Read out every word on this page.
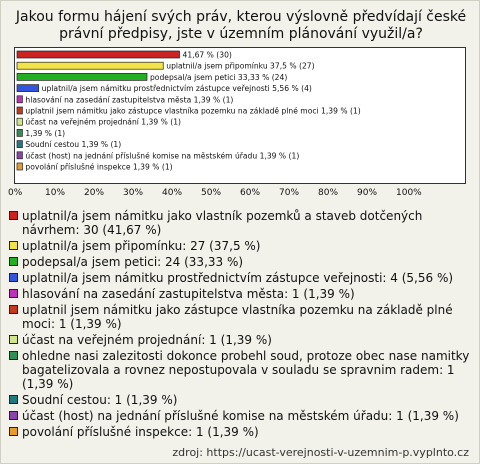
Jakou formu hájení svých práv, kterou výslovně předvídají české právní předpisy, jste v územním plánování využil/a?
41,67 % (30)
uplatnil/a jsem připomínku 37,5 % (27)
podepsal/a jsem petici 33,33 % (24)
uplatnil/a jsem námitku prostřednictvím zástupce veřejnosti 5,56 % (4)
hlasování na zasedání zastupitelstva města 1,39 % (1)
uplatnil jsem námitku jako zástupce vlastníka pozemku na základě plné moci 1,39 % (1)
účast na veřejném projednání 1,39 % (1)
1,39 % (1)
Soudní cestou 1,39 % (1)
účast (host) na jednání příslušné komise na městském úřadu 1,39 % (1)
povolání příslušné inspekce 1,39 % (1)
0%	10% 20% 30% 40% 50% 60% 70% 80% 90% 100%
uplatnil/a jsem námitku jako vlastník pozemků a staveb dotčených návrhem: 30 (41,67 %)
uplatnil/a jsem připomínku: 27 (37,5 %)
podepsal/a jsem petici: 24 (33,33 %)
uplatnil/a jsem námitku prostřednictvím zástupce veřejnosti: 4 (5,56 %)
hlasování na zasedání zastupitelstva města: 1 (1,39 %)
uplatnil jsem námitku jako zástupce vlastníka pozemku na základě plné moci: 1 (1,39 %)
účast na veřejném projednání: 1 (1,39 %)
ohledne nasi zalezitosti dokonce probehl soud, protoze obec nase namitky bagatelizovala a rovnez nepostupovala v souladu se spravnim radem: 1 (1,39 %)
Soudní cestou: 1 (1,39 %)
účast (host) na jednání příslušné komise na městském úřadu: 1 (1,39 %)
povolání příslušné inspekce: 1 (1,39 %)
zdroj: https://ucast-verejnosti-v-uzemnim-p.vyplnto.cz
